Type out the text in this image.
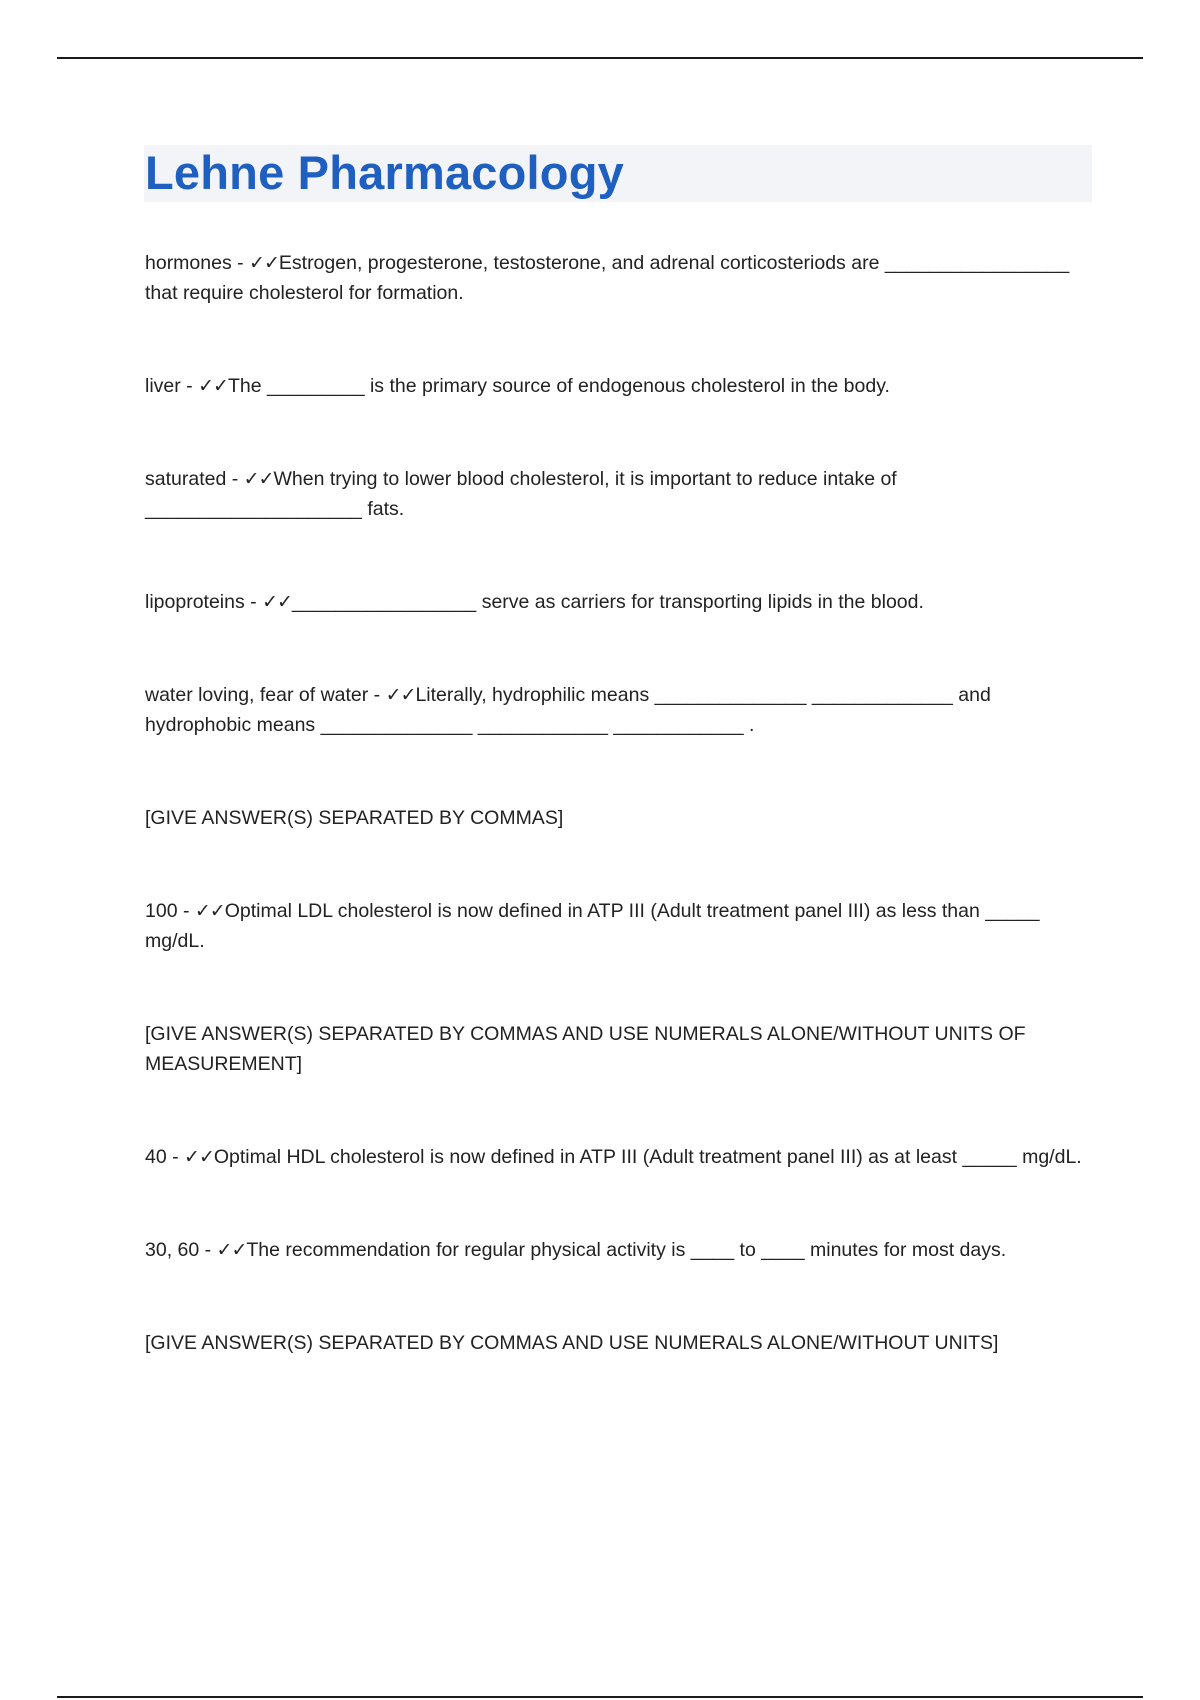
Lehne Pharmacology

hormones - ✓✓Estrogen, progesterone, testosterone, and adrenal corticosteriods are _________________ that require cholesterol for formation.

liver - ✓✓The _________ is the primary source of endogenous cholesterol in the body.

saturated - ✓✓When trying to lower blood cholesterol, it is important to reduce intake of ____________________ fats.

lipoproteins - ✓✓_________________ serve as carriers for transporting lipids in the blood.

water loving, fear of water - ✓✓Literally, hydrophilic means ______________ _____________ and hydrophobic means ______________ ____________ ____________ .

[GIVE ANSWER(S) SEPARATED BY COMMAS]

100 - ✓✓Optimal LDL cholesterol is now defined in ATP III (Adult treatment panel III) as less than _____ mg/dL.

[GIVE ANSWER(S) SEPARATED BY COMMAS AND USE NUMERALS ALONE/WITHOUT UNITS OF MEASUREMENT]

40 - ✓✓Optimal HDL cholesterol is now defined in ATP III (Adult treatment panel III) as at least _____ mg/dL.

30, 60 - ✓✓The recommendation for regular physical activity is ____ to ____ minutes for most days.

[GIVE ANSWER(S) SEPARATED BY COMMAS AND USE NUMERALS ALONE/WITHOUT UNITS]
